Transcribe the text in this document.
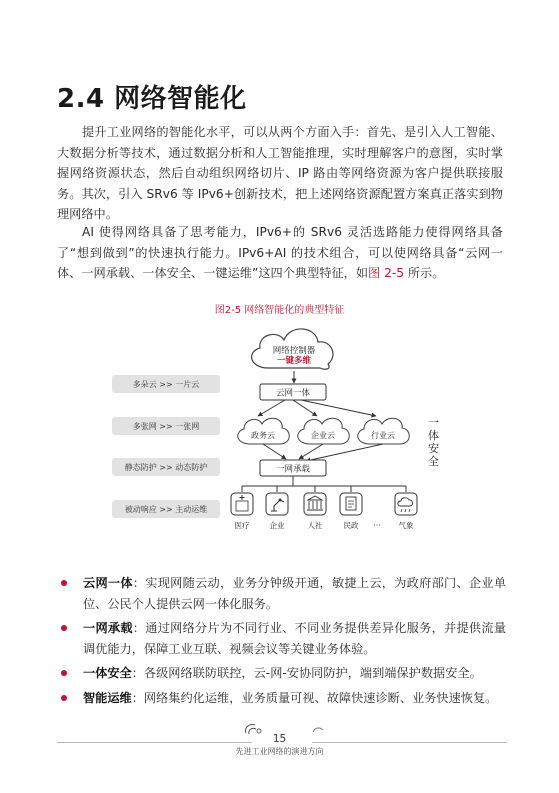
2.4 网络智能化

提升工业网络的智能化水平，可以从两个方面入手：首先、是引入人工智能、大数据分析等技术，通过数据分析和人工智能推理，实时理解客户的意图，实时掌握网络资源状态，然后自动组织网络切片、IP 路由等网络资源为客户提供联接服务。其次，引入 SRv6 等 IPv6+创新技术，把上述网络资源配置方案真正落实到物理网络中。

AI 使得网络具备了思考能力，IPv6+的 SRv6 灵活选路能力使得网络具备了“想到做到”的快速执行能力。IPv6+AI 的技术组合，可以使网络具备“云网一体、一网承载、一体安全、一键运维”这四个典型特征，如图 2-5 所示。

图2-5 网络智能化的典型特征
多朵云 >> 一片云
多张网 >> 一张网
静态防护 >> 动态防护
被动响应 >> 主动运维
网络控制器
一键多维
云网一体
政务云	企业云	行业云
一网承载
一 体 安 全
医疗	企业	人社	民政 ··· 气象
云网一体：实现网随云动，业务分钟级开通，敏捷上云，为政府部门、企业单位、公民个人提供云网一体化服务。
一网承载：通过网络分片为不同行业、不同业务提供差异化服务，并提供流量调优能力，保障工业互联、视频会议等关键业务体验。
一体安全：各级网络联防联控，云-网-安协同防护，端到端保护数据安全。
智能运维：网络集约化运维，业务质量可视、故障快速诊断、业务快速恢复。
15
先进工业网络的演进方向
